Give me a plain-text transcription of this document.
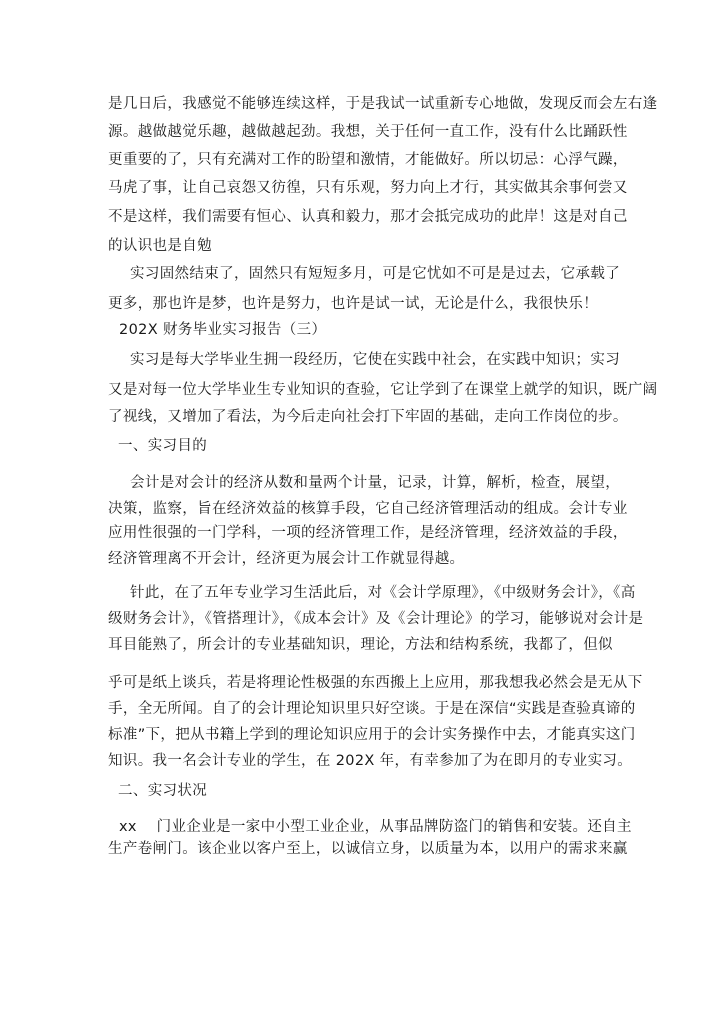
是几日后，我感觉不能够连续这样，于是我试一试重新专心地做，发现反而会左右逢
源。越做越觉乐趣，越做越起劲。我想，关于任何一直工作，没有什么比踊跃性
更重要的了，只有充满对工作的盼望和激情，才能做好。所以切忌：心浮气躁，
马虎了事，让自己哀怨又彷徨，只有乐观，努力向上才行，其实做其余事何尝又
不是这样，我们需要有恒心、认真和毅力，那才会抵完成功的此岸！这是对自己
的认识也是自勉
实习固然结束了，固然只有短短多月，可是它忧如不可是是过去，它承载了
更多，那也许是梦，也许是努力，也许是试一试，无论是什么，我很快乐！
202X 财务毕业实习报告（三）
实习是每大学毕业生拥一段经历，它使在实践中社会，在实践中知识；实习
又是对每一位大学毕业生专业知识的查验，它让学到了在课堂上就学的知识，既广阔
了视线，又增加了看法，为今后走向社会打下牢固的基础，走向工作岗位的步。
一、实习目的
会计是对会计的经济从数和量两个计量，记录，计算，解析，检查，展望，
决策，监察，旨在经济效益的核算手段，它自己经济管理活动的组成。会计专业
应用性很强的一门学科，一项的经济管理工作，是经济管理，经济效益的手段，
经济管理离不开会计，经济更为展会计工作就显得越。
针此，在了五年专业学习生活此后，对《会计学原理》，《中级财务会计》，《高
级财务会计》，《管搭理计》，《成本会计》及《会计理论》的学习，能够说对会计是
耳目能熟了，所会计的专业基础知识，理论，方法和结构系统，我都了，但似
乎可是纸上谈兵，若是将理论性极强的东西搬上上应用，那我想我必然会是无从下
手，全无所闻。自了的会计理论知识里只好空谈。于是在深信“实践是查验真谛的
标准”下，把从书籍上学到的理论知识应用于的会计实务操作中去，才能真实这门
知识。我一名会计专业的学生，在 202X 年，有幸参加了为在即月的专业实习。
二、实习状况
xx　 门业企业是一家中小型工业企业，从事品牌防盗门的销售和安装。还自主
生产卷闸门。该企业以客户至上，以诚信立身，以质量为本，以用户的需求来赢
